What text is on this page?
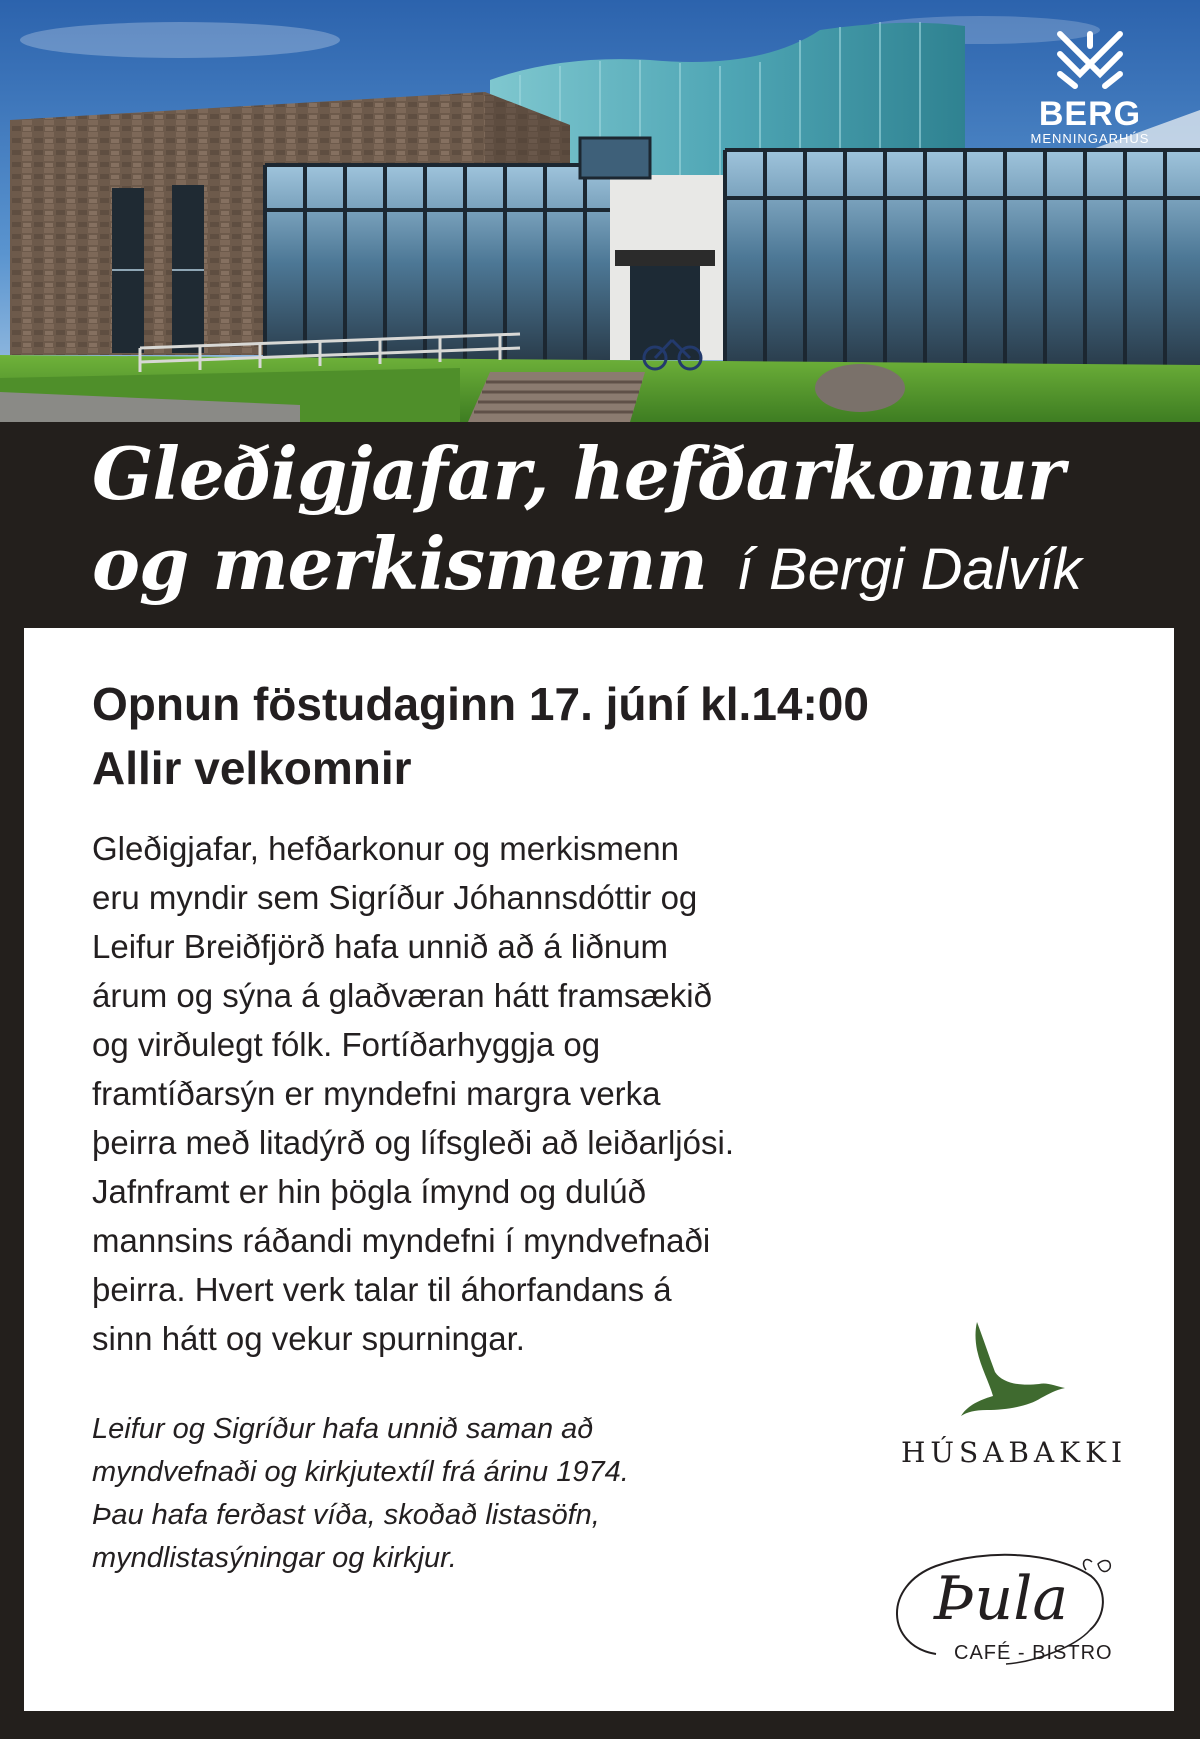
BERG
MENNINGARHÚS
Gleðigjafar, hefðarkonur
og merkismenn í Bergi Dalvík
Opnun föstudaginn 17. júní kl.14:00
Allir velkomnir
Gleðigjafar, hefðarkonur og merkismenn
eru myndir sem Sigríður Jóhannsdóttir og
Leifur Breiðfjörð hafa unnið að á liðnum
árum og sýna á glaðværan hátt framsækið
og virðulegt fólk. Fortíðarhyggja og
framtíðarsýn er myndefni margra verka
þeirra með litadýrð og lífsgleði að leiðarljósi.
Jafnframt er hin þögla ímynd og dulúð
mannsins ráðandi myndefni í myndvefnaði
þeirra. Hvert verk talar til áhorfandans á
sinn hátt og vekur spurningar.
Leifur og Sigríður hafa unnið saman að
myndvefnaði og kirkjutextíl frá árinu 1974.
Þau hafa ferðast víða, skoðað listasöfn,
myndlistasýningar og kirkjur.
HÚSABAKKI
Þula
CAFÉ - BISTRO
